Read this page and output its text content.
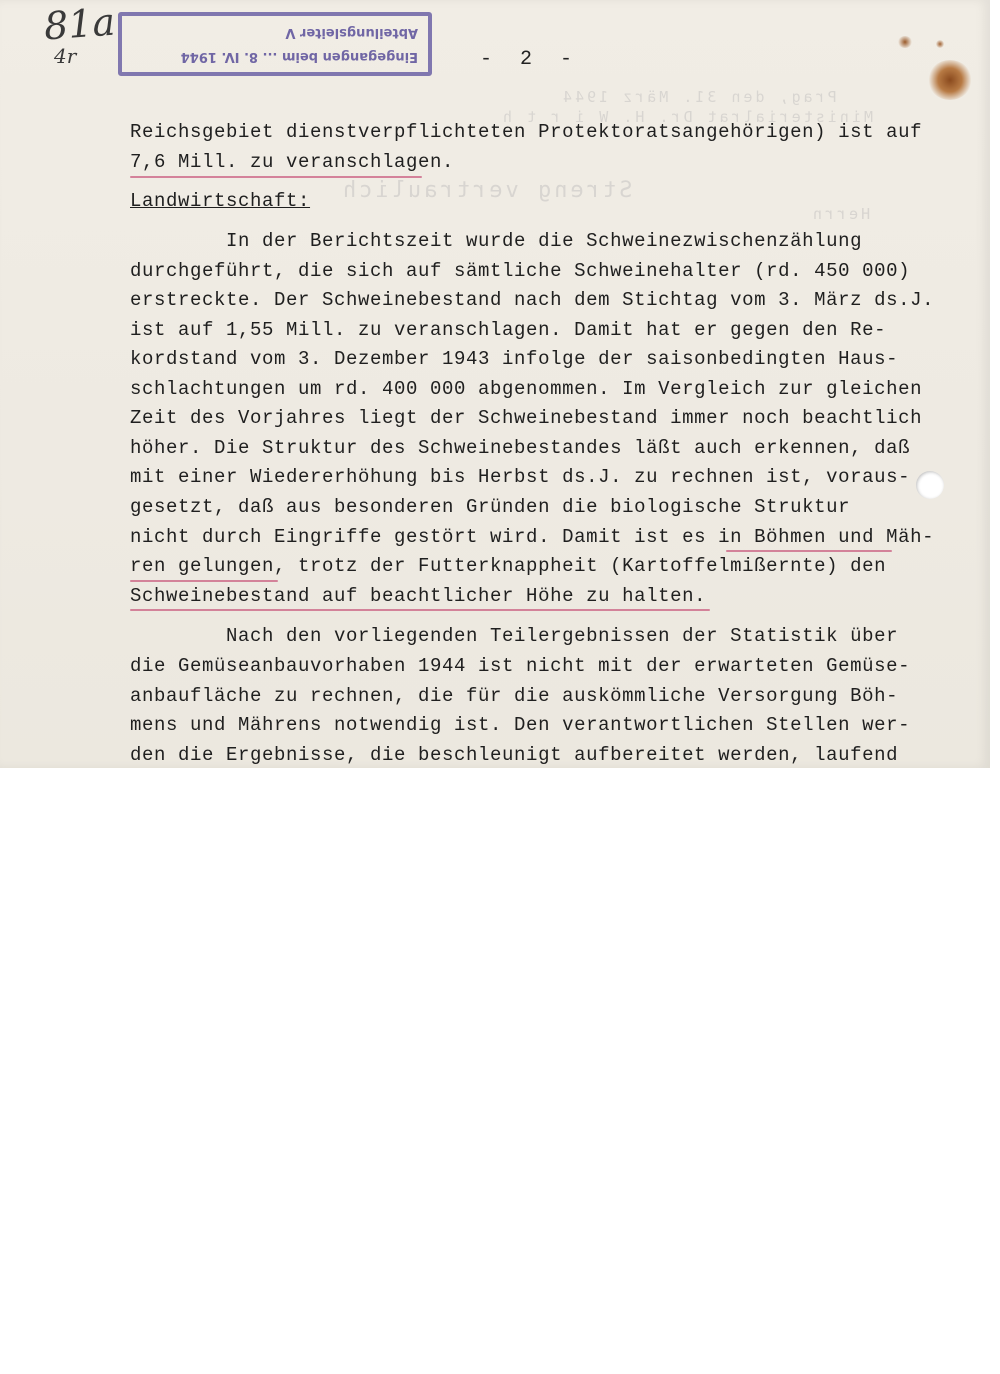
Prag, den 31. März 1944
Ministerialrat Dr. H. W i r t h
Streng vertraulich
Herrn
81a
4r
Abteilungsleiter V
Eingegangen beim ... 8. IV. 1944	- 2 -
Reichsgebiet dienstverpflichteten Protektoratsangehörigen) ist auf
7,6 Mill. zu veranschlagen.
Landwirtschaft:
In der Berichtszeit wurde die Schweinezwischenzählung
durchgeführt, die sich auf sämtliche Schweinehalter (rd. 450 000)
erstreckte. Der Schweinebestand nach dem Stichtag vom 3. März ds.J.
ist auf 1,55 Mill. zu veranschlagen. Damit hat er gegen den Re-
kordstand vom 3. Dezember 1943 infolge der saisonbedingten Haus-
schlachtungen um rd. 400 000 abgenommen. Im Vergleich zur gleichen
Zeit des Vorjahres liegt der Schweinebestand immer noch beachtlich
höher. Die Struktur des Schweinebestandes läßt auch erkennen, daß
mit einer Wiedererhöhung bis Herbst ds.J. zu rechnen ist, voraus-
gesetzt, daß aus besonderen Gründen die biologische Struktur
nicht durch Eingriffe gestört wird. Damit ist es in Böhmen und Mäh-
ren gelungen, trotz der Futterknappheit (Kartoffelmißernte) den
Schweinebestand auf beachtlicher Höhe zu halten.
Nach den vorliegenden Teilergebnissen der Statistik über
die Gemüseanbauvorhaben 1944 ist nicht mit der erwarteten Gemüse-
anbaufläche zu rechnen, die für die auskömmliche Versorgung Böh-
mens und Mährens notwendig ist. Den verantwortlichen Stellen wer-
den die Ergebnisse, die beschleunigt aufbereitet werden, laufend
